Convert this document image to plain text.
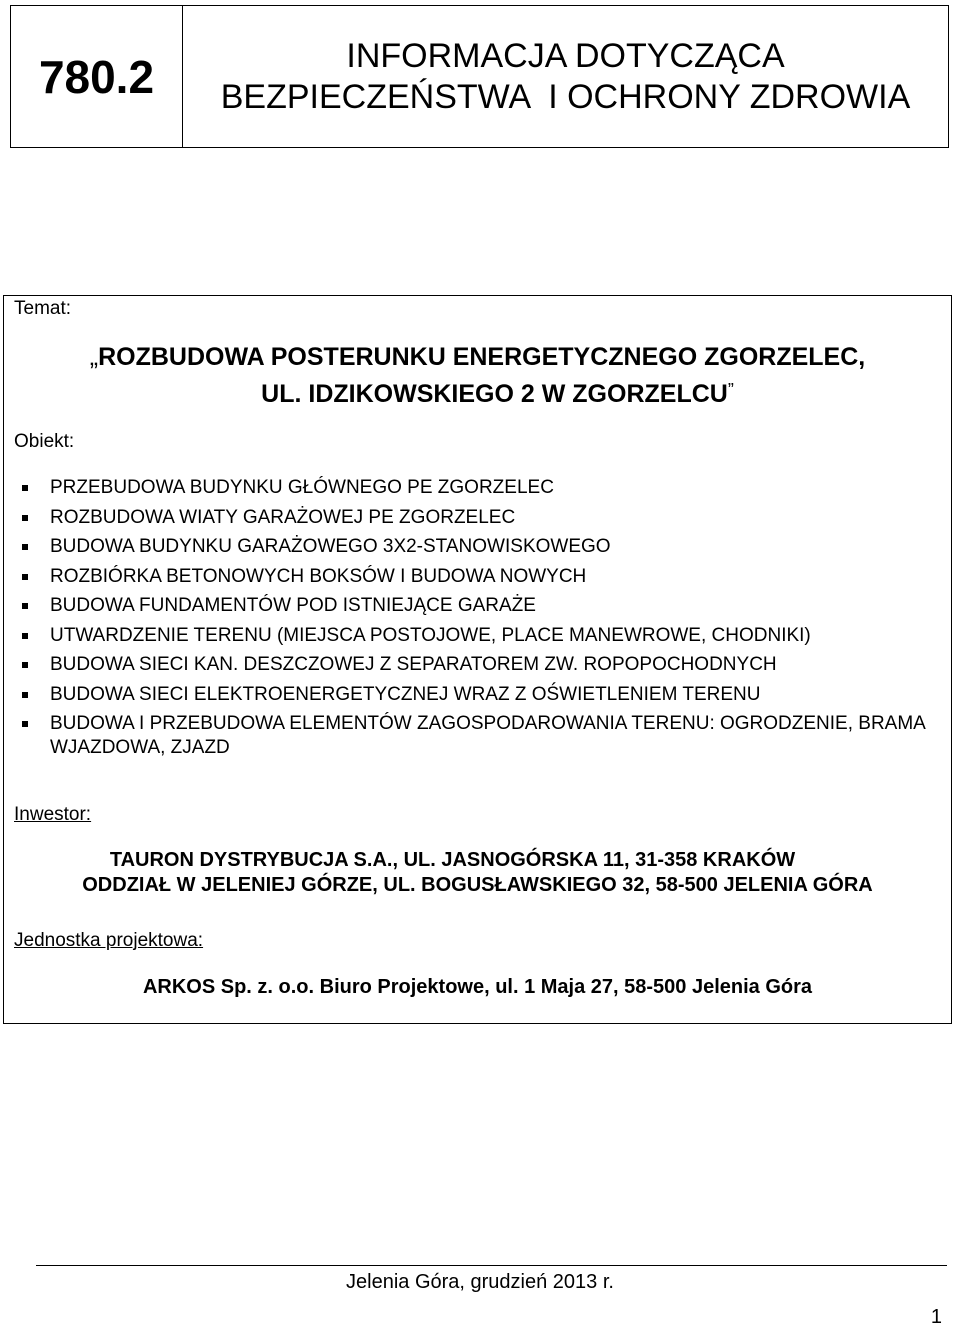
780.2	INFORMACJA DOTYCZĄCA
BEZPIECZEŃSTWA  I OCHRONY ZDROWIA
Temat:
„ROZBUDOWA POSTERUNKU ENERGETYCZNEGO ZGORZELEC,
UL. IDZIKOWSKIEGO 2 W ZGORZELCU”
Obiekt:
PRZEBUDOWA BUDYNKU GŁÓWNEGO PE ZGORZELEC
ROZBUDOWA WIATY GARAŻOWEJ PE ZGORZELEC
BUDOWA BUDYNKU GARAŻOWEGO 3X2-STANOWISKOWEGO
ROZBIÓRKA BETONOWYCH BOKSÓW I BUDOWA NOWYCH
BUDOWA FUNDAMENTÓW POD ISTNIEJĄCE GARAŻE
UTWARDZENIE TERENU (MIEJSCA POSTOJOWE, PLACE MANEWROWE, CHODNIKI)
BUDOWA SIECI KAN. DESZCZOWEJ Z SEPARATOREM ZW. ROPOPOCHODNYCH
BUDOWA SIECI ELEKTROENERGETYCZNEJ WRAZ Z OŚWIETLENIEM TERENU
BUDOWA I PRZEBUDOWA ELEMENTÓW ZAGOSPODAROWANIA TERENU: OGRODZENIE, BRAMA WJAZDOWA, ZJAZD
Inwestor:
TAURON DYSTRYBUCJA S.A., UL. JASNOGÓRSKA 11, 31-358 KRAKÓW
ODDZIAŁ W JELENIEJ GÓRZE, UL. BOGUSŁAWSKIEGO 32, 58-500 JELENIA GÓRA
Jednostka projektowa:
ARKOS Sp. z. o.o. Biuro Projektowe, ul. 1 Maja 27, 58-500 Jelenia Góra
Jelenia Góra, grudzień 2013 r.
1
